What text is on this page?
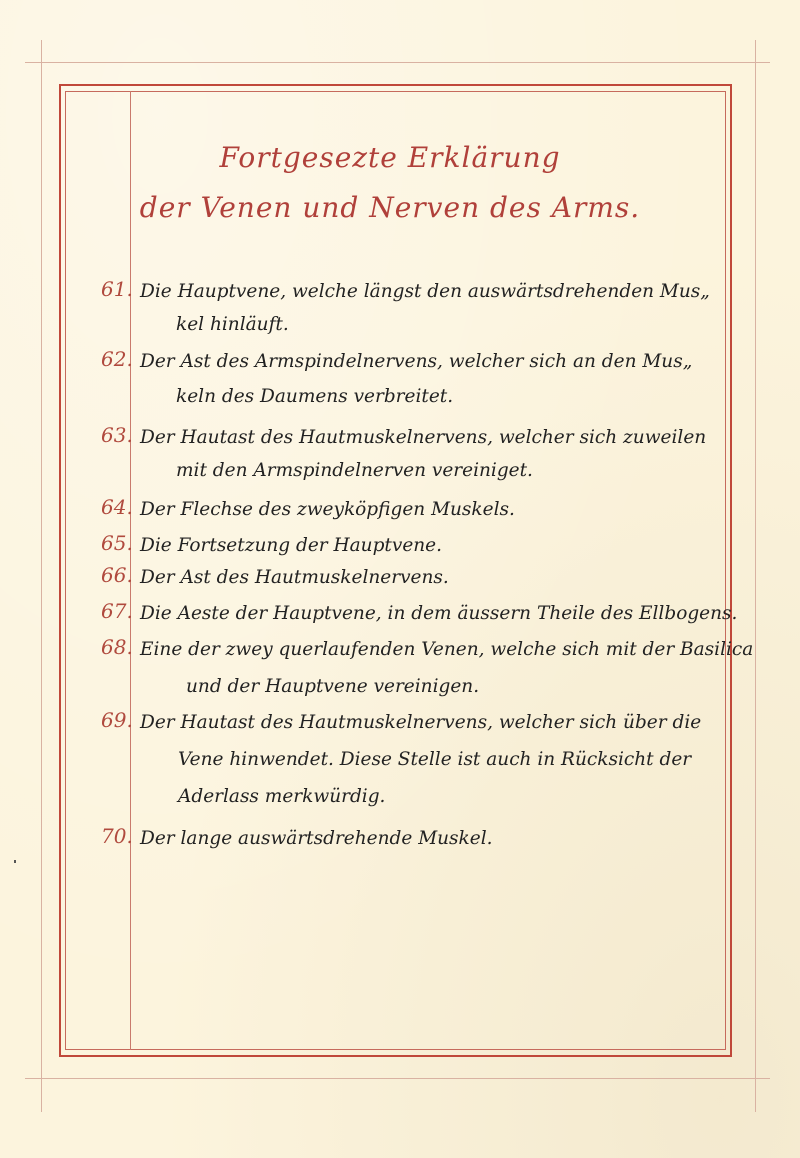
Fortgesezte Erklärung
der Venen und Nerven des Arms.
61. Die Hauptvene, welche längst den auswärtsdrehenden Mus„
kel hinläuft.
62. Der Ast des Armspindelnervens, welcher sich an den Mus„
keln des Daumens verbreitet.
63. Der Hautast des Hautmuskelnervens, welcher sich zuweilen
mit den Armspindelnerven vereiniget.
64. Der Flechse des zweyköpfigen Muskels.
65. Die Fortsetzung der Hauptvene.
66. Der Ast des Hautmuskelnervens.
67. Die Aeste der Hauptvene, in dem äussern Theile des Ellbogens.
68. Eine der zwey querlaufenden Venen, welche sich mit der Basilica
und der Hauptvene vereinigen.
69. Der Hautast des Hautmuskelnervens, welcher sich über die
Vene hinwendet. Diese Stelle ist auch in Rücksicht der
Aderlass merkwürdig.
70. Der lange auswärtsdrehende Muskel.
